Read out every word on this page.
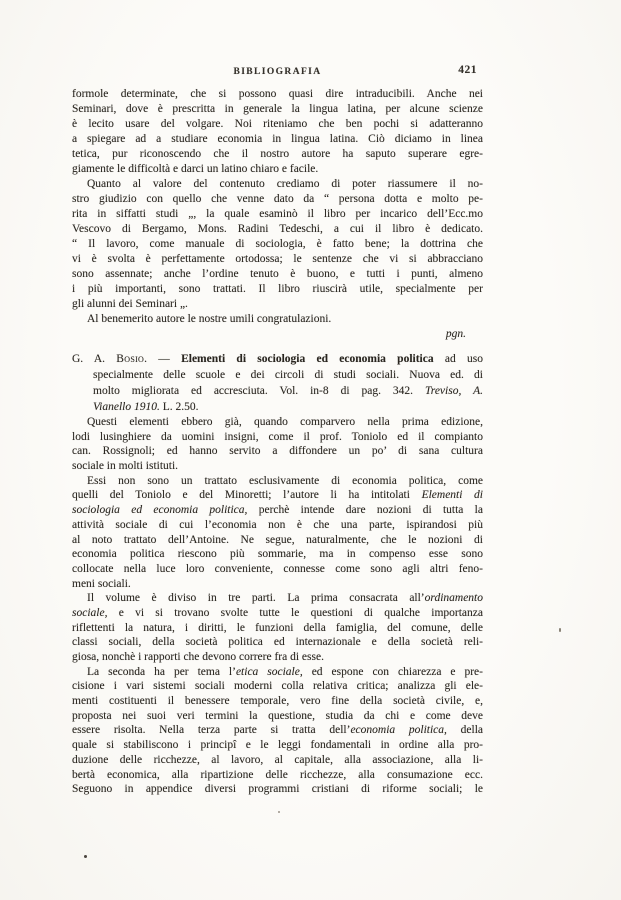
BIBLIOGRAFIA	421
formole determinate, che si possono quasi dire intraducibili. Anche nei
Seminari, dove è prescritta in generale la lingua latina, per alcune scienze
è lecito usare del volgare. Noi riteniamo che ben pochi si adatteranno
a spiegare ad a studiare economia in lingua latina. Ciò diciamo in linea
tetica, pur riconoscendo che il nostro autore ha saputo superare egre-
giamente le difficoltà e darci un latino chiaro e facile.
Quanto al valore del contenuto crediamo di poter riassumere il no-
stro giudizio con quello che venne dato da “ persona dotta e molto pe-
rita in siffatti studi „, la quale esaminò il libro per incarico dell’Ecc.mo
Vescovo di Bergamo, Mons. Radini Tedeschi, a cui il libro è dedicato.
“ Il lavoro, come manuale di sociologia, è fatto bene; la dottrina che
vi è svolta è perfettamente ortodossa; le sentenze che vi si abbracciano
sono assennate; anche l’ordine tenuto è buono, e tutti i punti, almeno
i più importanti, sono trattati. Il libro riuscirà utile, specialmente per
gli alunni dei Seminari „.
Al benemerito autore le nostre umili congratulazioni.
pgn.
G. A. Bosio. — Elementi di sociologia ed economia politica ad uso
specialmente delle scuole e dei circoli di studi sociali. Nuova ed. di
molto migliorata ed accresciuta. Vol. in-8 di pag. 342. Treviso, A.
Vianello 1910. L. 2.50.
Questi elementi ebbero già, quando comparvero nella prima edizione,
lodi lusinghiere da uomini insigni, come il prof. Toniolo ed il compianto
can. Rossignoli; ed hanno servito a diffondere un po’ di sana cultura
sociale in molti istituti.
Essi non sono un trattato esclusivamente di economia politica, come
quelli del Toniolo e del Minoretti; l’autore li ha intitolati Elementi di
sociologia ed economia politica, perchè intende dare nozioni di tutta la
attività sociale di cui l’economia non è che una parte, ispirandosi più
al noto trattato dell’Antoine. Ne segue, naturalmente, che le nozioni di
economia politica riescono più sommarie, ma in compenso esse sono
collocate nella luce loro conveniente, connesse come sono agli altri feno-
meni sociali.
Il volume è diviso in tre parti. La prima consacrata all’ordinamento
sociale, e vi si trovano svolte tutte le questioni di qualche importanza
riflettenti la natura, i diritti, le funzioni della famiglia, del comune, delle
classi sociali, della società politica ed internazionale e della società reli-
giosa, nonchè i rapporti che devono correre fra di esse.
La seconda ha per tema l’etica sociale, ed espone con chiarezza e pre-
cisione i vari sistemi sociali moderni colla relativa critica; analizza gli ele-
menti costituenti il benessere temporale, vero fine della società civile, e,
proposta nei suoi veri termini la questione, studia da chi e come deve
essere risolta. Nella terza parte si tratta dell’economia politica, della
quale si stabiliscono i principî e le leggi fondamentali in ordine alla pro-
duzione delle ricchezze, al lavoro, al capitale, alla associazione, alla li-
bertà economica, alla ripartizione delle ricchezze, alla consumazione ecc.
Seguono in appendice diversi programmi cristiani di riforme sociali; le
